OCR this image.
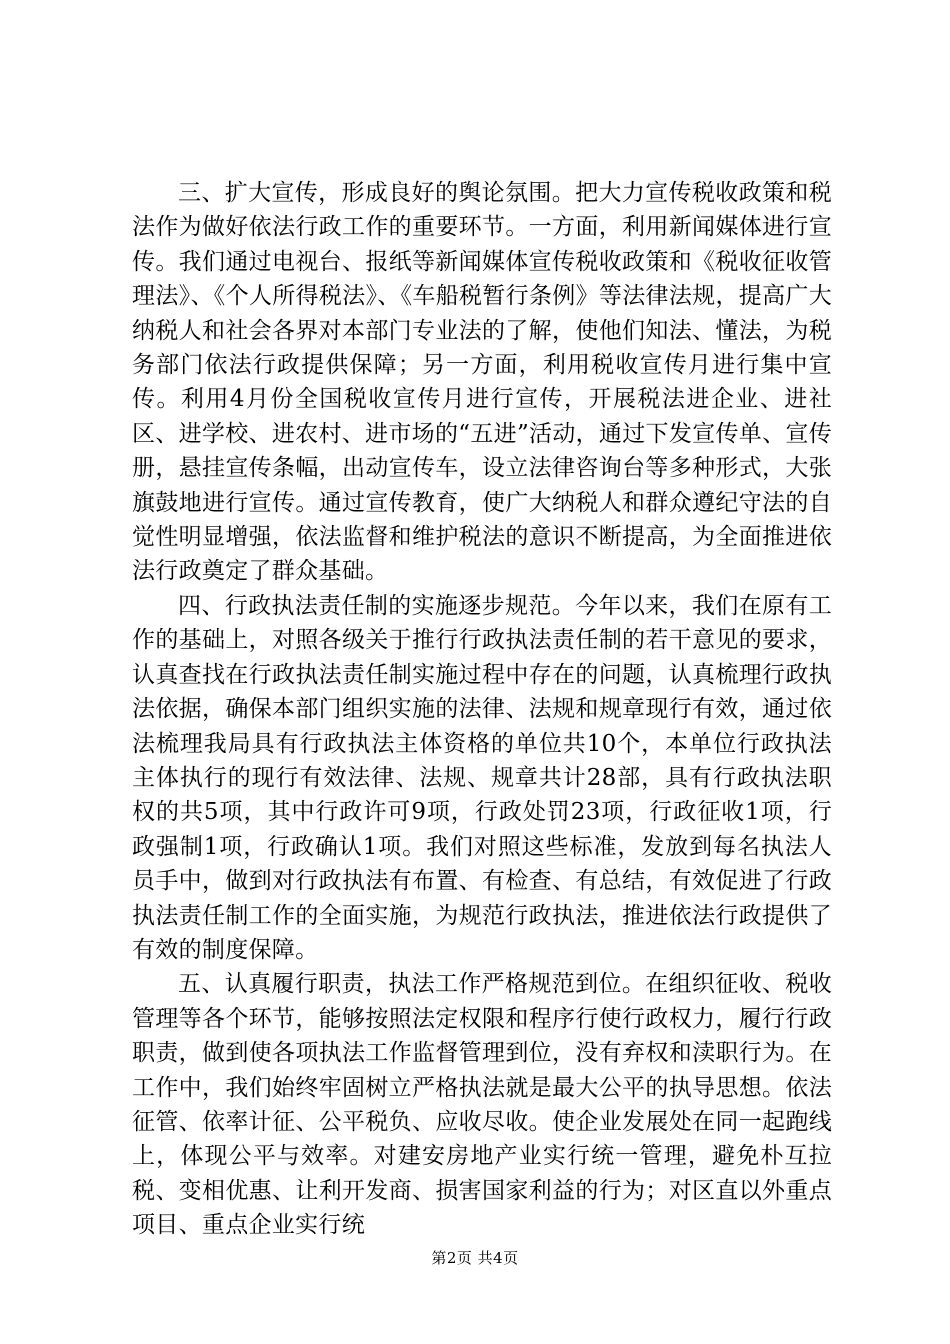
三、扩大宣传，形成良好的舆论氛围。把大力宣传税收政策和税法作为做好依法行政工作的重要环节。一方面，利用新闻媒体进行宣传。我们通过电视台、报纸等新闻媒体宣传税收政策和《税收征收管理法》、《个人所得税法》、《车船税暂行条例》等法律法规，提高广大纳税人和社会各界对本部门专业法的了解，使他们知法、懂法，为税务部门依法行政提供保障；另一方面，利用税收宣传月进行集中宣传。利用4月份全国税收宣传月进行宣传，开展税法进企业、进社区、进学校、进农村、进市场的“五进”活动，通过下发宣传单、宣传册，悬挂宣传条幅，出动宣传车，设立法律咨询台等多种形式，大张旗鼓地进行宣传。通过宣传教育，使广大纳税人和群众遵纪守法的自觉性明显增强，依法监督和维护税法的意识不断提高，为全面推进依法行政奠定了群众基础。

四、行政执法责任制的实施逐步规范。今年以来，我们在原有工作的基础上，对照各级关于推行行政执法责任制的若干意见的要求，认真查找在行政执法责任制实施过程中存在的问题，认真梳理行政执法依据，确保本部门组织实施的法律、法规和规章现行有效，通过依法梳理我局具有行政执法主体资格的单位共10个，本单位行政执法主体执行的现行有效法律、法规、规章共计28部，具有行政执法职权的共5项，其中行政许可9项，行政处罚23项，行政征收1项，行政强制1项，行政确认1项。我们对照这些标准，发放到每名执法人员手中，做到对行政执法有布置、有检查、有总结，有效促进了行政执法责任制工作的全面实施，为规范行政执法，推进依法行政提供了有效的制度保障。

五、认真履行职责，执法工作严格规范到位。在组织征收、税收管理等各个环节，能够按照法定权限和程序行使行政权力，履行行政职责，做到使各项执法工作监督管理到位，没有弃权和渎职行为。在工作中，我们始终牢固树立严格执法就是最大公平的执导思想。依法征管、依率计征、公平税负、应收尽收。使企业发展处在同一起跑线上，体现公平与效率。对建安房地产业实行统一管理，避免朴互拉税、变相优惠、让利开发商、损害国家利益的行为；对区直以外重点项目、重点企业实行统

第2页 共4页
